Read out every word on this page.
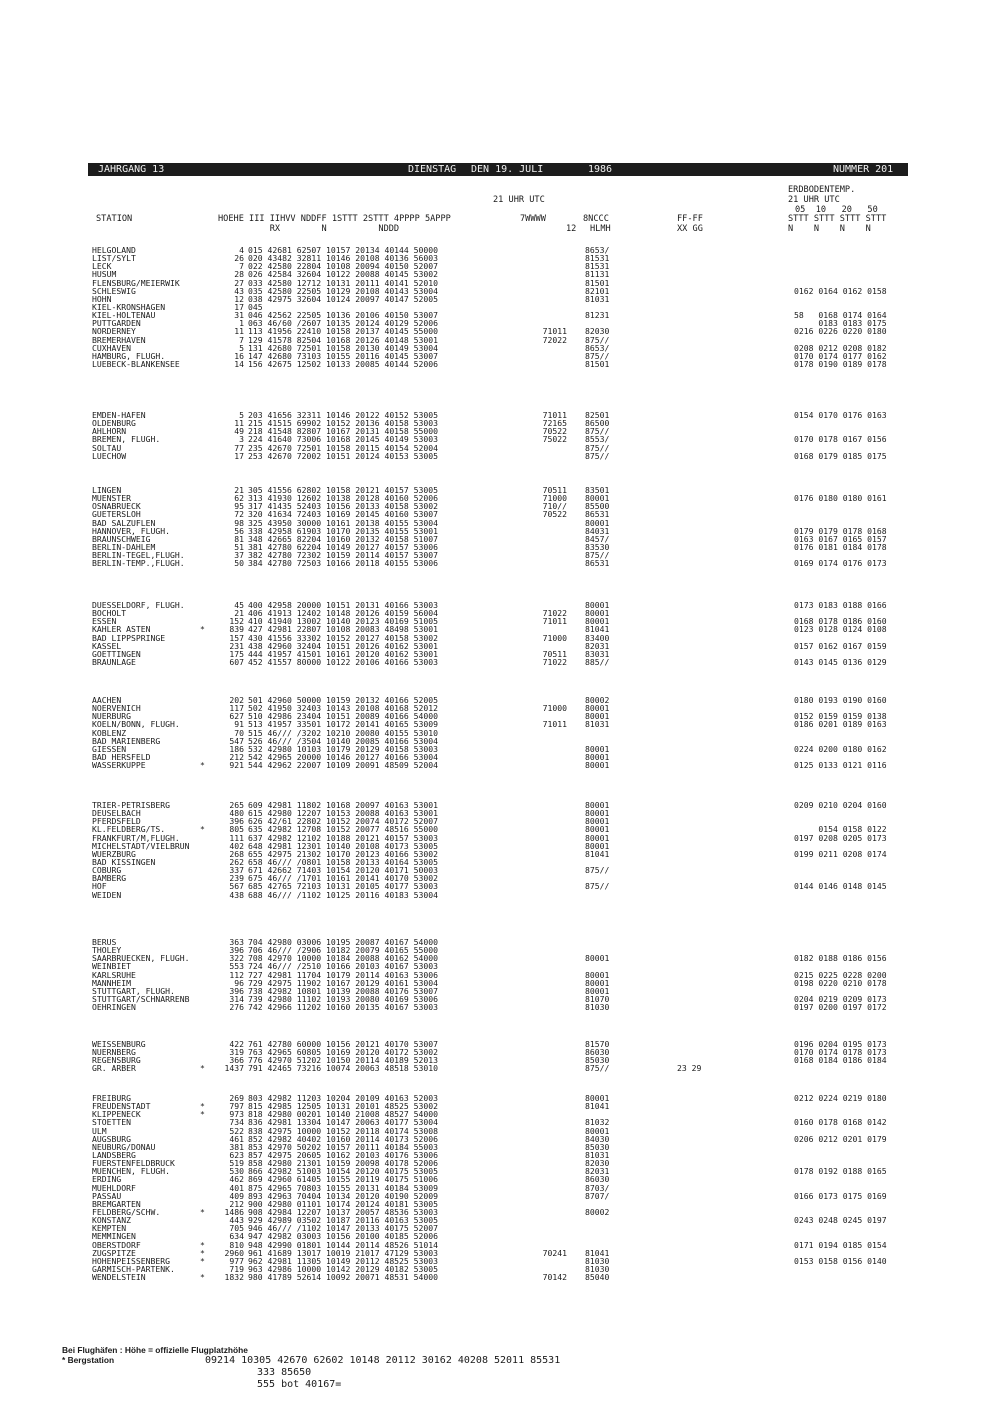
JAHRGANG 13	DIENSTAG DEN 19. JULI	1986	NUMMER 201
ERDBODENTEMP.
21 UHR UTC	21 UHR UTC
05  10   20   50
STATION	HOEHE III IIHVV NDDFF 1STTT 2STTT 4PPPP 5APPP	7WWWW	8NCCC	FF-FF	STTT STTT STTT STTT
RX        N          NDDD	12 HLMH	XX GG	N    N    N    N
HELGOLAND	4 015 42681 62507 10157 20134 40144 50000	8653/
LIST/SYLT	26 020 43482 32811 10146 20108 40136 56003	81531
LECK	7 022 42580 22804 10108 20094 40150 52007	81531
HUSUM	28 026 42584 32604 10122 20088 40145 53002	81131
FLENSBURG/MEIERWIK	27 033 42580 12712 10131 20111 40141 52010	81501
SCHLESWIG	43 035 42580 22505 10129 20108 40143 53004	82101	0162 0164 0162 0158
HOHN	12 038 42975 32604 10124 20097 40147 52005	81031
KIEL-KRONSHAGEN	17 045
KIEL-HOLTENAU	31 046 42562 22505 10136 20106 40150 53007	81231	58   0168 0174 0164
PUTTGARDEN	1 063 46/60 /2607 10135 20124 40129 52006	0183 0183 0175
NORDERNEY	11 113 41956 22410 10158 20137 40145 55000	71011 82030	0216 0226 0220 0180
BREMERHAVEN	7 129 41578 82504 10168 20126 40148 53001	72022 875//
CUXHAVEN	5 131 42680 72501 10158 20130 40149 53004	8653/	0208 0212 0208 0182
HAMBURG, FLUGH.	16 147 42680 73103 10155 20116 40145 53007	875//	0170 0174 0177 0162
LUEBECK-BLANKENSEE	14 156 42675 12502 10133 20085 40144 52006	81501	0178 0190 0189 0178
EMDEN-HAFEN	5 203 41656 32311 10146 20122 40152 53005	71011 82501	0154 0170 0176 0163
OLDENBURG	11 215 41515 69902 10152 20136 40158 53003	72165 86500
AHLHORN	49 218 41548 82807 10167 20131 40158 55000	70522 875//
BREMEN, FLUGH.	3 224 41640 73006 10168 20145 40149 53003	75022 8553/	0170 0178 0167 0156
SOLTAU	77 235 42670 72501 10158 20115 40154 52004	875//
LUECHOW	17 253 42670 72002 10151 20124 40153 53005	875//	0168 0179 0185 0175
LINGEN	21 305 41556 62802 10158 20121 40157 53005	70511 83501
MUENSTER	62 313 41930 12602 10138 20128 40160 52006	71000 80001	0176 0180 0180 0161
OSNABRUECK	95 317 41435 52403 10156 20133 40158 53002	710// 85500
GUETERSLOH	72 320 41634 72403 10169 20145 40160 53007	70522 86531
BAD SALZUFLEN	98 325 43950 30000 10161 20138 40155 53004	80001
HANNOVER, FLUGH.	56 338 42958 61903 10170 20135 40155 53001	84031	0179 0179 0178 0168
BRAUNSCHWEIG	81 348 42665 82204 10160 20132 40158 51007	8457/	0163 0167 0165 0157
BERLIN-DAHLEM	51 381 42780 62204 10149 20127 40157 53006	83530	0176 0181 0184 0178
BERLIN-TEGEL,FLUGH.	37 382 42780 72302 10159 20114 40157 53007	875//
BERLIN-TEMP.,FLUGH.	50 384 42780 72503 10166 20118 40155 53006	86531	0169 0174 0176 0173
DUESSELDORF, FLUGH.	45 400 42958 20000 10151 20131 40166 53003	80001	0173 0183 0188 0166
BOCHOLT	21 406 41913 12402 10148 20126 40159 56004	71022 80001
ESSEN	152 410 41940 13002 10140 20123 40169 51005	71011 80001	0168 0178 0186 0160
KAHLER ASTEN	*	839 427 42981 22807 10108 20083 48498 53001	81041	0123 0128 0124 0108
BAD LIPPSPRINGE	157 430 41556 33302 10152 20127 40158 53002	71000 83400
KASSEL	231 438 42960 32404 10151 20126 40162 53001	82031	0157 0162 0167 0159
GOETTINGEN	175 444 41957 41501 10161 20120 40162 53001	70511 83031
BRAUNLAGE	607 452 41557 80000 10122 20106 40166 53003	71022 885//	0143 0145 0136 0129
AACHEN	202 501 42960 50000 10159 20132 40166 52005	80002	0180 0193 0190 0160
NOERVENICH	117 502 41950 32403 10143 20108 40168 52012	71000 80001
NUERBURG	627 510 42986 23404 10151 20089 40166 54000	80001	0152 0159 0159 0138
KOELN/BONN, FLUGH.	91 513 41957 33501 10172 20141 40165 53009	71011 81031	0186 0201 0189 0163
KOBLENZ	70 515 46/// /3202 10210 20080 40155 53010
BAD MARIENBERG	547 526 46/// /3504 10140 20085 40166 53004
GIESSEN	186 532 42980 10103 10179 20129 40158 53003	80001	0224 0200 0180 0162
BAD HERSFELD	212 542 42965 20000 10146 20127 40166 53004	80001
WASSERKUPPE	*	921 544 42962 22007 10109 20091 48509 52004	80001	0125 0133 0121 0116
TRIER-PETRISBERG	265 609 42981 11802 10168 20097 40163 53001	80001	0209 0210 0204 0160
DEUSELBACH	480 615 42980 12207 10153 20088 40163 53001	80001
PFERDSFELD	396 626 42/61 22802 10152 20074 40172 52007	80001
KL.FELDBERG/TS.	*	805 635 42982 12708 10152 20077 48516 55000	80001	0154 0158 0122
FRANKFURT/M,FLUGH.	111 637 42982 12102 10188 20121 40157 53003	80001	0197 0208 0205 0173
MICHELSTADT/VIELBRUN	402 648 42981 12301 10140 20108 40173 53005	80001
WUERZBURG	268 655 42975 21302 10170 20123 40166 53002	81041	0199 0211 0208 0174
BAD KISSINGEN	262 658 46/// /0801 10158 20133 40164 53005
COBURG	337 671 42662 71403 10154 20120 40171 50003	875//
BAMBERG	239 675 46/// /1701 10161 20141 40170 53002
HOF	567 685 42765 72103 10131 20105 40177 53003	875//	0144 0146 0148 0145
WEIDEN	438 688 46/// /1102 10125 20116 40183 53004
BERUS	363 704 42980 03006 10195 20087 40167 54000
THOLEY	396 706 46/// /2906 10182 20079 40165 55000
SAARBRUECKEN, FLUGH.	322 708 42970 10000 10184 20088 40162 54000	80001	0182 0188 0186 0156
WEINBIET	553 724 46/// /2510 10166 20103 40167 53003
KARLSRUHE	112 727 42981 11704 10179 20114 40163 53006	80001	0215 0225 0228 0200
MANNHEIM	96 729 42975 11902 10167 20129 40161 53004	80001	0198 0220 0210 0178
STUTTGART, FLUGH.	396 738 42982 10801 10139 20088 40176 53007	80001
STUTTGART/SCHNARRENB	314 739 42980 11102 10193 20080 40169 53006	81070	0204 0219 0209 0173
OEHRINGEN	276 742 42966 11202 10160 20135 40167 53003	81030	0197 0200 0197 0172
WEISSENBURG	422 761 42780 60000 10156 20121 40170 53007	81570	0196 0204 0195 0173
NUERNBERG	319 763 42965 60805 10169 20120 40172 53002	86030	0170 0174 0178 0173
REGENSBURG	366 776 42970 51202 10150 20114 40189 52013	85030	0168 0184 0186 0184
GR. ARBER	*	1437 791 42465 73216 10074 20063 48518 53010	875//	23 29
FREIBURG	269 803 42982 11203 10204 20109 40163 52003	80001	0212 0224 0219 0180
FREUDENSTADT	*	797 815 42985 12505 10131 20101 48525 53002	81041
KLIPPENECK	*	973 818 42980 00201 10140 21008 48527 54000
STOETTEN	734 836 42981 13304 10147 20063 40177 53004	81032	0160 0178 0168 0142
ULM	522 838 42975 10000 10152 20118 40174 53008	80001
AUGSBURG	461 852 42982 40402 10160 20114 40173 52006	84030	0206 0212 0201 0179
NEUBURG/DONAU	381 853 42970 50202 10157 20111 40184 55003	85030
LANDSBERG	623 857 42975 20605 10162 20103 40176 53006	81031
FUERSTENFELDBRUCK	519 858 42980 21301 10159 20098 40178 52006	82030
MUENCHEN, FLUGH.	530 866 42982 51003 10154 20120 40175 53005	82031	0178 0192 0188 0165
ERDING	462 869 42960 61405 10155 20119 40175 51006	86030
MUEHLDORF	401 875 42965 70803 10155 20131 40184 53009	8703/
PASSAU	409 893 42963 70404 10134 20120 40190 52009	8707/	0166 0173 0175 0169
BREMGARTEN	212 900 42980 01101 10174 20124 40181 53005
FELDBERG/SCHW.	*	1486 908 42984 12207 10137 20057 48536 53003	80002
KONSTANZ	443 929 42989 03502 10187 20116 40163 53005	0243 0248 0245 0197
KEMPTEN	705 946 46/// /1102 10147 20133 40175 52007
MEMMINGEN	634 947 42982 03003 10156 20100 40185 52006
OBERSTDORF	*	810 948 42990 01801 10144 20114 48526 51014	0171 0194 0185 0154
ZUGSPITZE	*	2960 961 41689 13017 10019 21017 47129 53003	70241 81041
HOHENPEISSENBERG	*	977 962 42981 11305 10149 20112 48525 53003	81030	0153 0158 0156 0140
GARMISCH-PARTENK.	719 963 42986 10000 10142 20129 40182 53005	81030
WENDELSTEIN	*	1832 980 41789 52614 10092 20071 48531 54000	70142 85040
Bei Flughäfen : Höhe = offizielle Flugplatzhöhe
* Bergstation	09214 10305 42670 62602 10148 20112 30162 40208 52011 85531
333 85650
555 bot 40167=
